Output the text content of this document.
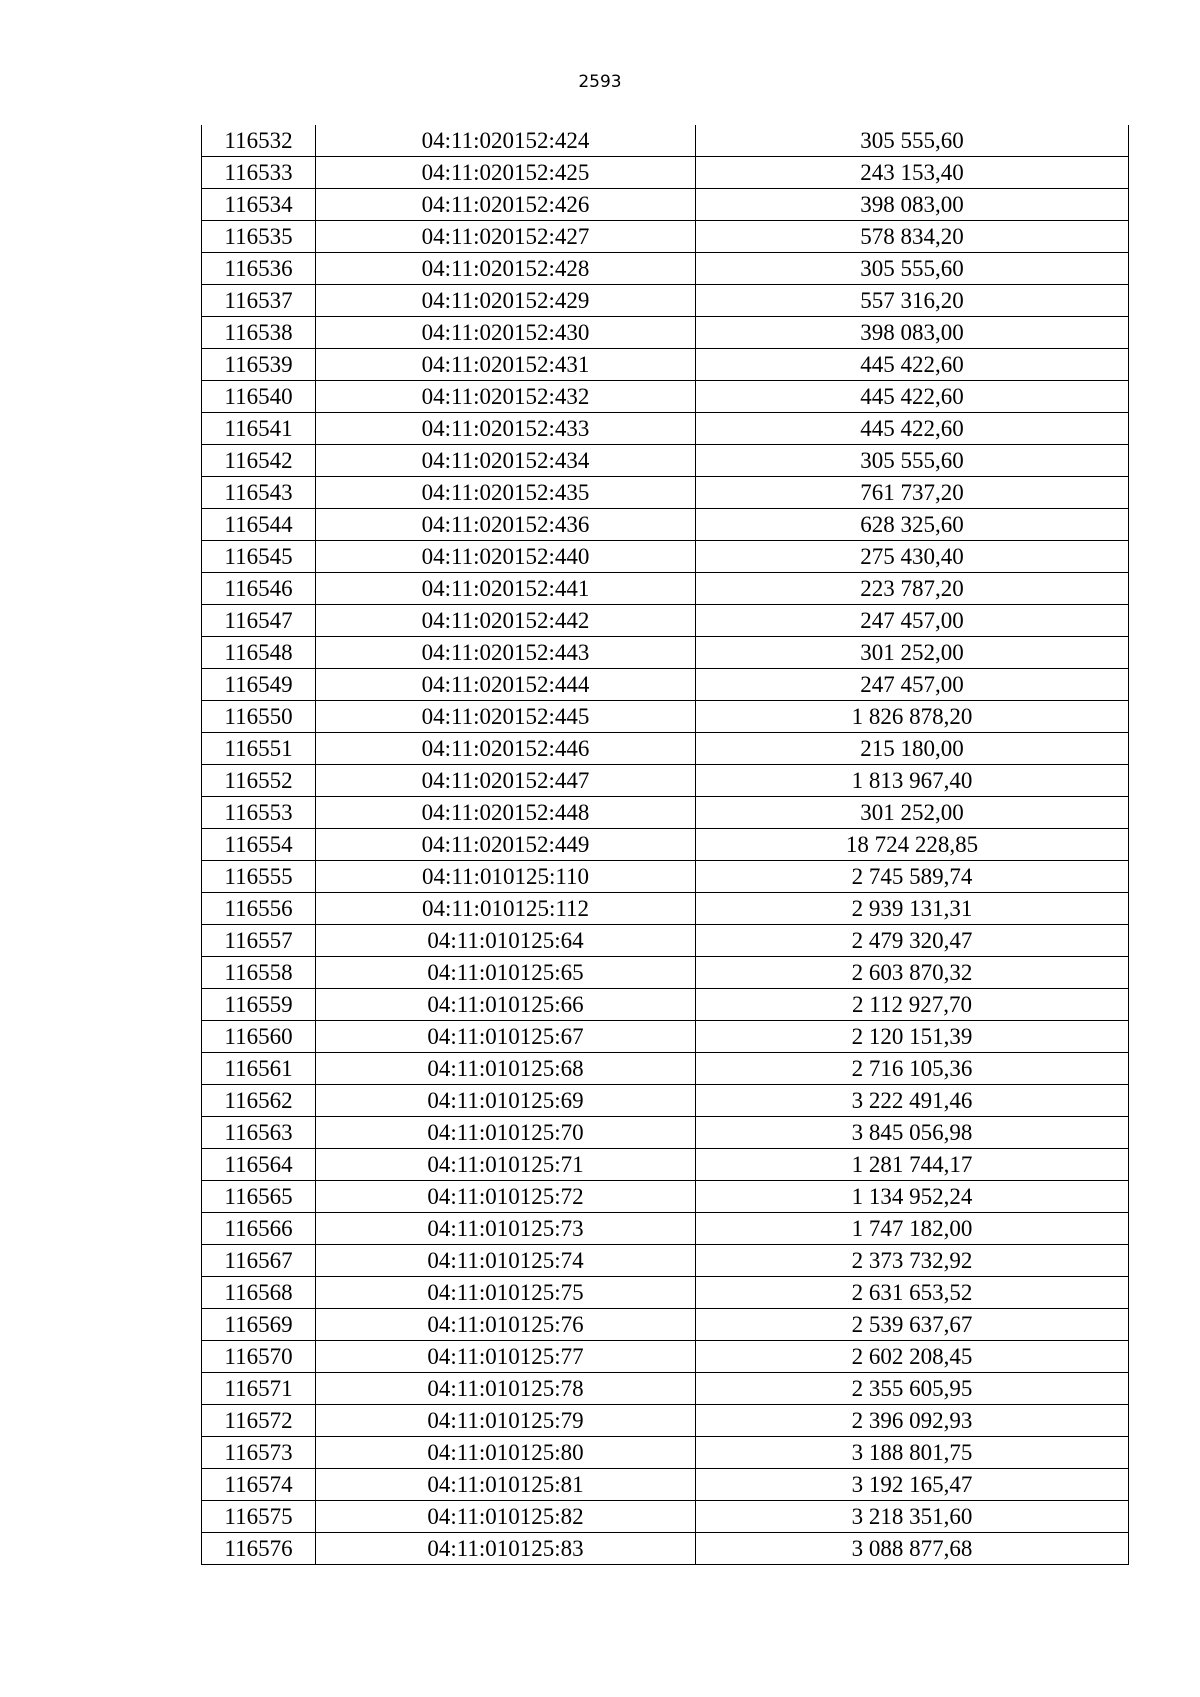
2593
116532	04:11:020152:424	305 555,60
116533	04:11:020152:425	243 153,40
116534	04:11:020152:426	398 083,00
116535	04:11:020152:427	578 834,20
116536	04:11:020152:428	305 555,60
116537	04:11:020152:429	557 316,20
116538	04:11:020152:430	398 083,00
116539	04:11:020152:431	445 422,60
116540	04:11:020152:432	445 422,60
116541	04:11:020152:433	445 422,60
116542	04:11:020152:434	305 555,60
116543	04:11:020152:435	761 737,20
116544	04:11:020152:436	628 325,60
116545	04:11:020152:440	275 430,40
116546	04:11:020152:441	223 787,20
116547	04:11:020152:442	247 457,00
116548	04:11:020152:443	301 252,00
116549	04:11:020152:444	247 457,00
116550	04:11:020152:445	1 826 878,20
116551	04:11:020152:446	215 180,00
116552	04:11:020152:447	1 813 967,40
116553	04:11:020152:448	301 252,00
116554	04:11:020152:449	18 724 228,85
116555	04:11:010125:110	2 745 589,74
116556	04:11:010125:112	2 939 131,31
116557	04:11:010125:64	2 479 320,47
116558	04:11:010125:65	2 603 870,32
116559	04:11:010125:66	2 112 927,70
116560	04:11:010125:67	2 120 151,39
116561	04:11:010125:68	2 716 105,36
116562	04:11:010125:69	3 222 491,46
116563	04:11:010125:70	3 845 056,98
116564	04:11:010125:71	1 281 744,17
116565	04:11:010125:72	1 134 952,24
116566	04:11:010125:73	1 747 182,00
116567	04:11:010125:74	2 373 732,92
116568	04:11:010125:75	2 631 653,52
116569	04:11:010125:76	2 539 637,67
116570	04:11:010125:77	2 602 208,45
116571	04:11:010125:78	2 355 605,95
116572	04:11:010125:79	2 396 092,93
116573	04:11:010125:80	3 188 801,75
116574	04:11:010125:81	3 192 165,47
116575	04:11:010125:82	3 218 351,60
116576	04:11:010125:83	3 088 877,68
